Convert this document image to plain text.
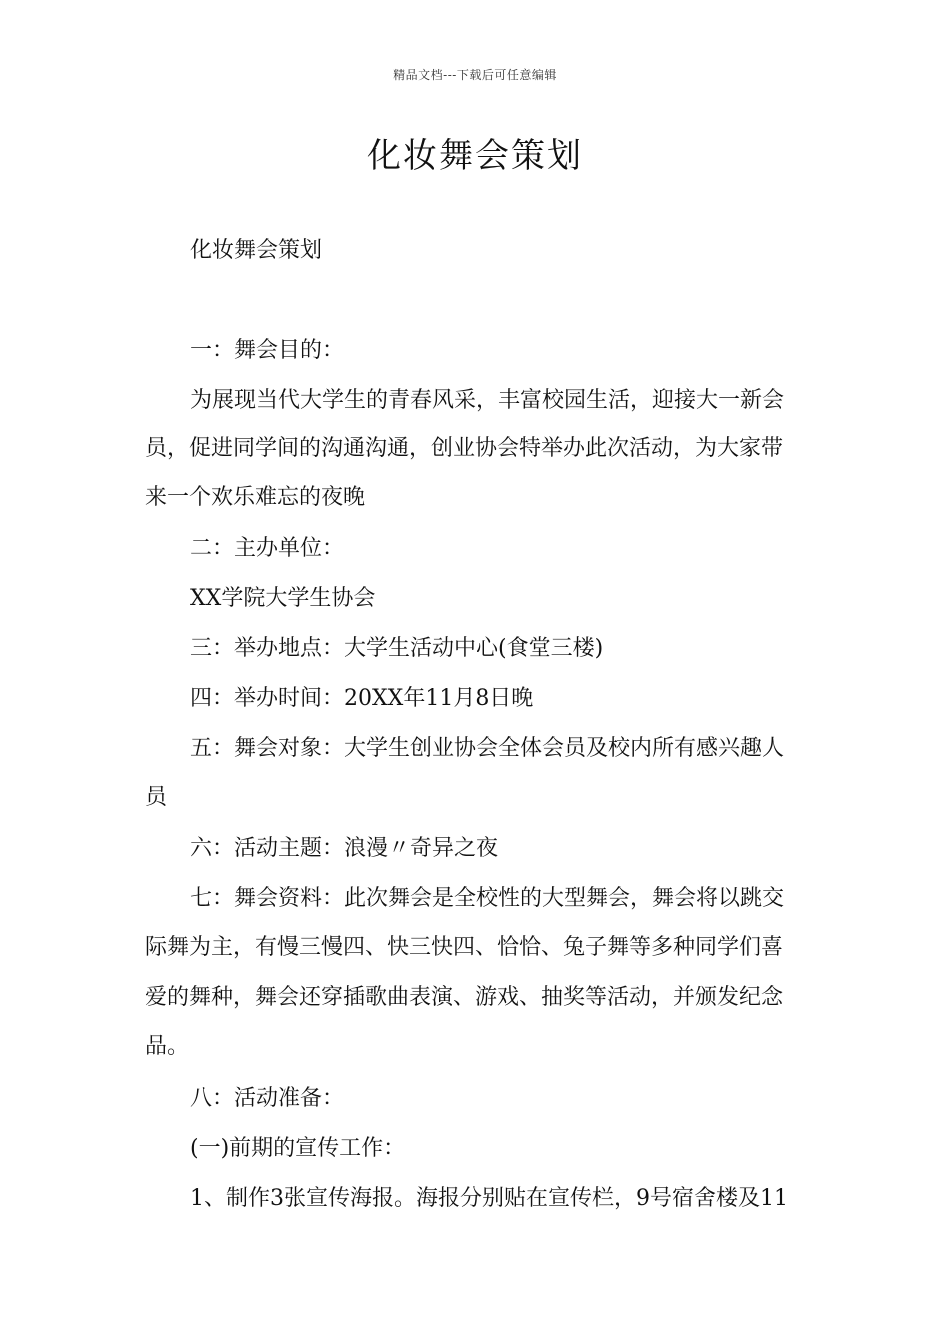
精品文档---下载后可任意编辑
化妆舞会策划

化妆舞会策划

一：舞会目的：

为展现当代大学生的青春风采，丰富校园生活，迎接大一新会

员，促进同学间的沟通沟通，创业协会特举办此次活动，为大家带

来一个欢乐难忘的夜晚

二：主办单位：

XX学院大学生协会

三：举办地点：大学生活动中心(食堂三楼)

四：举办时间：20XX年11月8日晚

五：舞会对象：大学生创业协会全体会员及校内所有感兴趣人

员

六：活动主题：浪漫〃奇异之夜

七：舞会资料：此次舞会是全校性的大型舞会，舞会将以跳交

际舞为主，有慢三慢四、快三快四、恰恰、兔子舞等多种同学们喜

爱的舞种，舞会还穿插歌曲表演、游戏、抽奖等活动，并颁发纪念

品。

八：活动准备：

(一)前期的宣传工作：

1、制作3张宣传海报。海报分别贴在宣传栏，9号宿舍楼及11
